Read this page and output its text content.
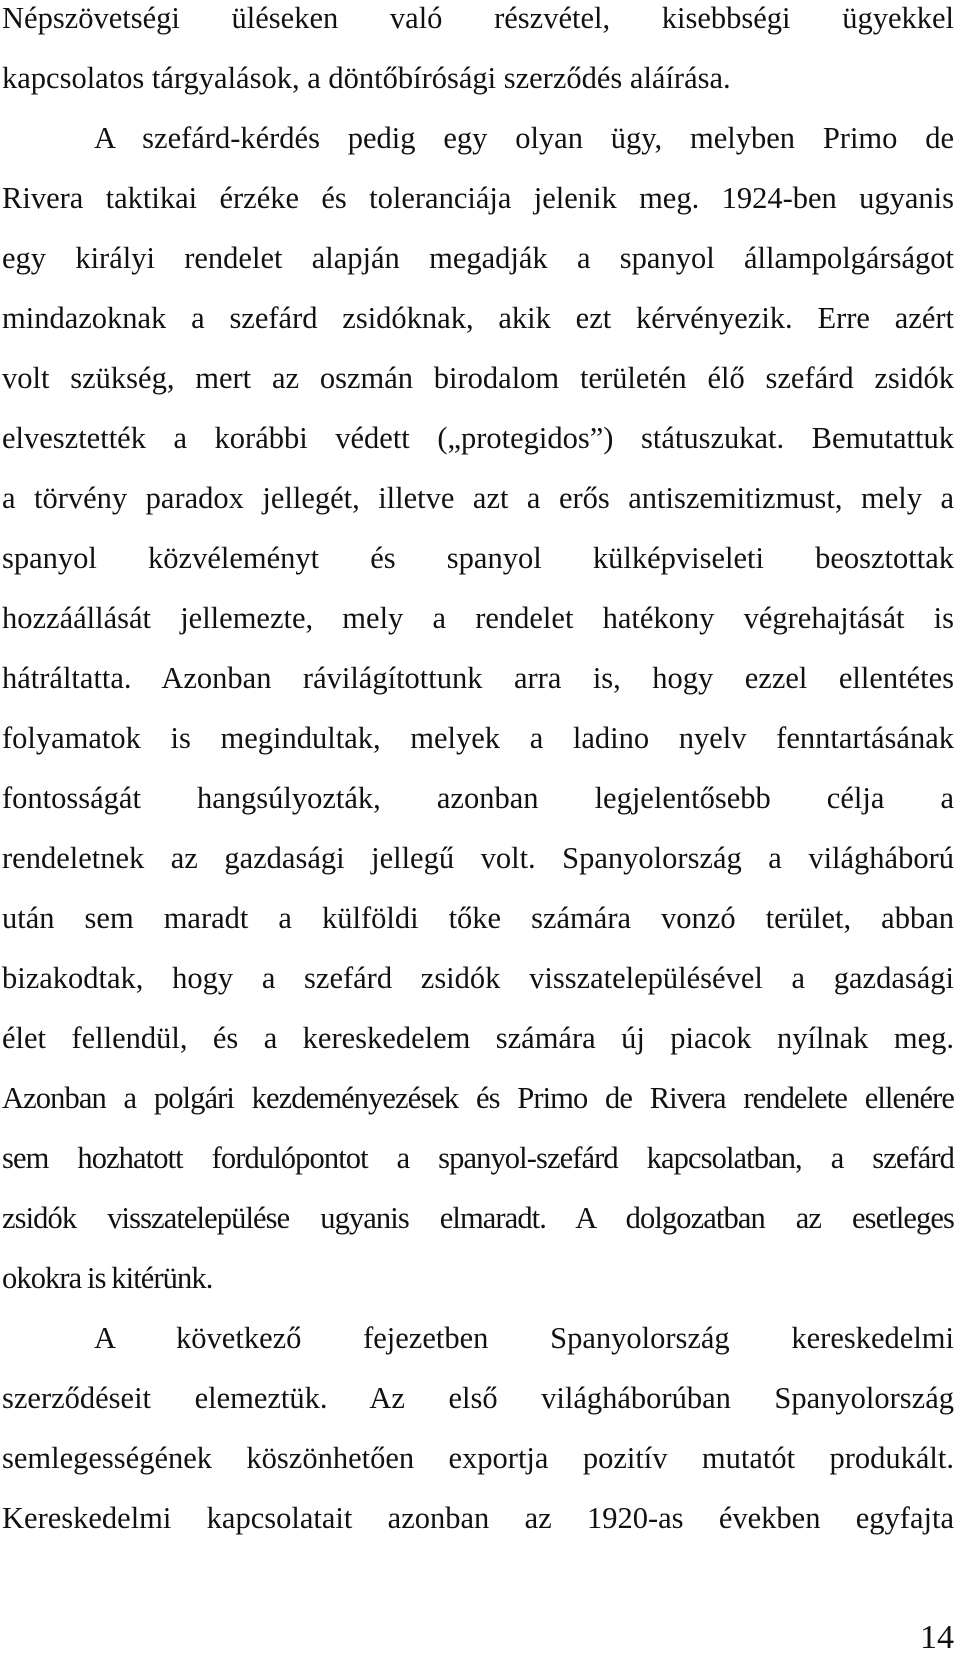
Népszövetségi üléseken való részvétel, kisebbségi ügyekkel
kapcsolatos tárgyalások, a döntőbírósági szerződés aláírása.
A szefárd-kérdés pedig egy olyan ügy, melyben Primo de
Rivera taktikai érzéke és toleranciája jelenik meg. 1924-ben ugyanis
egy királyi rendelet alapján megadják a spanyol állampolgárságot
mindazoknak a szefárd zsidóknak, akik ezt kérvényezik. Erre azért
volt szükség, mert az oszmán birodalom területén élő szefárd zsidók
elvesztették a korábbi védett („protegidos”) státuszukat. Bemutattuk
a törvény paradox jellegét, illetve azt a erős antiszemitizmust, mely a
spanyol közvéleményt és spanyol külképviseleti beosztottak
hozzáállását jellemezte, mely a rendelet hatékony végrehajtását is
hátráltatta. Azonban rávilágítottunk arra is, hogy ezzel ellentétes
folyamatok is megindultak, melyek a ladino nyelv fenntartásának
fontosságát hangsúlyozták, azonban legjelentősebb célja a
rendeletnek az gazdasági jellegű volt. Spanyolország a világháború
után sem maradt a külföldi tőke számára vonzó terület, abban
bizakodtak, hogy a szefárd zsidók visszatelepülésével a gazdasági
élet fellendül, és a kereskedelem számára új piacok nyílnak meg.
Azonban a polgári kezdeményezések és Primo de Rivera rendelete ellenére
sem hozhatott fordulópontot a spanyol-szefárd kapcsolatban, a szefárd
zsidók visszatelepülése ugyanis elmaradt. A dolgozatban az esetleges
okokra is kitérünk.
A következő fejezetben Spanyolország kereskedelmi
szerződéseit elemeztük. Az első világháborúban Spanyolország
semlegességének köszönhetően exportja pozitív mutatót produkált.
Kereskedelmi kapcsolatait azonban az 1920-as években egyfajta
14
